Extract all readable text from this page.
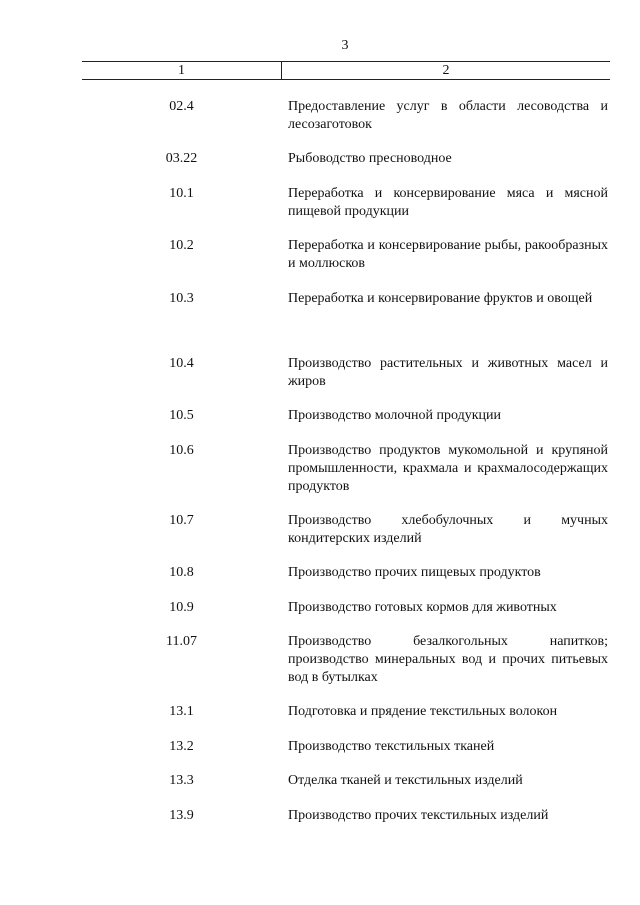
3
1	2
02.4	Предоставление услуг в области лесоводства и лесозаготовок
03.22	Рыбоводство пресноводное
10.1	Переработка и консервирование мяса и мясной пищевой продукции
10.2	Переработка и консервирование рыбы, ракообразных и моллюсков
10.3	Переработка и консервирование фруктов и овощей
10.4	Производство растительных и животных масел и жиров
10.5	Производство молочной продукции
10.6	Производство продуктов мукомольной и крупяной промышленности, крахмала и крахмалосодержащих продуктов
10.7	Производство хлебобулочных и мучных кондитерских изделий
10.8	Производство прочих пищевых продуктов
10.9	Производство готовых кормов для животных
11.07	Производство безалкогольных напитков; производство минеральных вод и прочих питьевых вод в бутылках
13.1	Подготовка и прядение текстильных волокон
13.2	Производство текстильных тканей
13.3	Отделка тканей и текстильных изделий
13.9	Производство прочих текстильных изделий
